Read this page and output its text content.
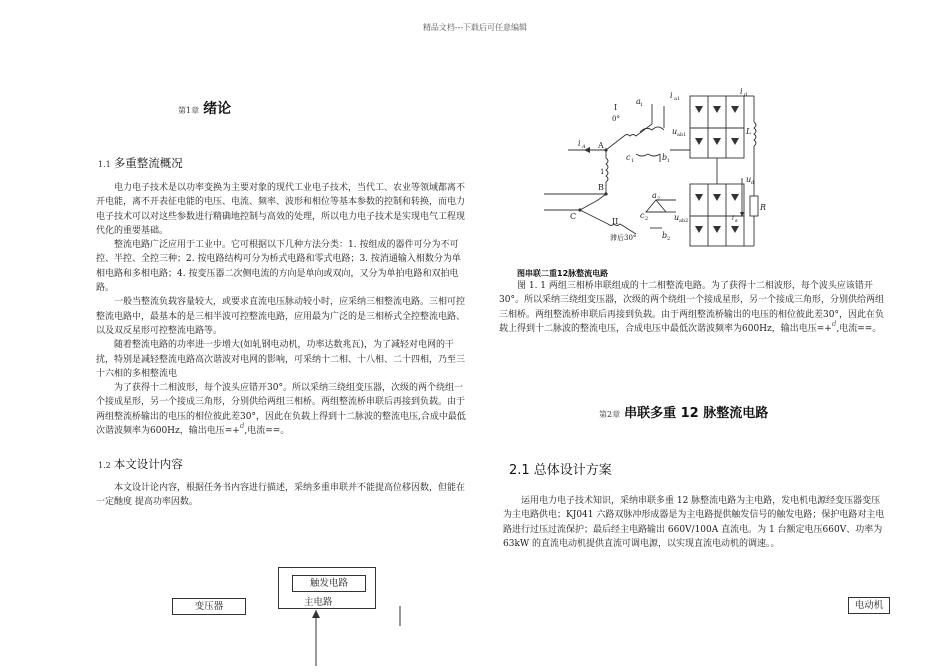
精品文档---下载后可任意编辑
第1章 绪论
1.1 多重整流概况

电力电子技术是以功率变换为主要对象的现代工业电子技术，当代工、农业等领域都离不开电能，离不开表征电能的电压、电流、频率、波形和相位等基本参数的控制和转换，而电力电子技术可以对这些参数进行精确地控制与高效的处理，所以电力电子技术是实现电气工程现代化的重要基础。

整流电路广泛应用于工业中。它可根据以下几种方法分类：1. 按组成的器件可分为不可控、半控、全控三种；2. 按电路结构可分为桥式电路和零式电路；3. 按消通输入相数分为单相电路和多相电路；4. 按变压器二次侧电流的方向是单向或双向，又分为单拍电路和双拍电路。

一般当整流负载容量较大，或要求直流电压脉动较小时，应采纳三相整流电路。三相可控整流电路中，最基本的是三相半波可控整流电路，应用最为广泛的是三相桥式全控整流电路、以及双反星形可控整流电路等。

随着整流电路的功率进一步增大(如轧钢电动机，功率达数兆瓦)，为了减轻对电网的干扰，特别是减轻整流电路高次谐波对电网的影响，可采纳十二相、十八相、二十四相，乃至三十六相的多相整流电

为了获得十二相波形，每个波头应错开30°。所以采纳三绕组变压器，次级的两个绕组一个接成星形，另一个接成三角形，分别供给两组三相桥。两组整流桥串联后再接到负载。由于两组整流桥输出的电压的相位彼此差30°，因此在负载上得到十二脉波的整流电压,合成中最低次谐波频率为600Hz，输出电压=+$^d$,电流==。

1.2 本文设计内容

本文设计论内容，根据任务书内容进行描述，采纳多重串联并不能提高位移因数，但能在一定酏度 提高功率因数。

触发电路
主电路
变压器	电动机
i A A
B
C
1
I
0°
II
滞后30°
a 1
b 1
c 1
a 2
b 2
c 2
u ab1
u ab2
i a1
i d
L
R
u d
i d
图串联二重12脉整流电路

图 1. 1 两组三相桥串联组成的十二相整流电路。为了获得十二相波形，每个波头应该错开30°。所以采纳三绕组变压器，次级的两个绕组一个接成星形，另一个接成三角形，分别供给两组三相桥。两组整流桥串联后再接到负载。由于两组整流桥输出的电压的相位彼此差30°，因此在负载上得到十二脉波的整流电压，合成电压中最低次谐波频率为600Hz，输出电压=+$^d$,电流==。

第2章 串联多重 12 脉整流电路
2.1 总体设计方案

运用电力电子技术知识，采纳串联多重 12 脉整流电路为主电路，发电机电源经变压器变压为主电路供电；KJ041 六路双脉冲形成器是为主电路提供触发信号的触发电路；保护电路对主电路进行过压过流保护；最后经主电路输出 660V/100A 直流电。为 1 台额定电压660V、功率为 63kW 的直流电动机提供直流可调电源，以实现直流电动机的调速。。
